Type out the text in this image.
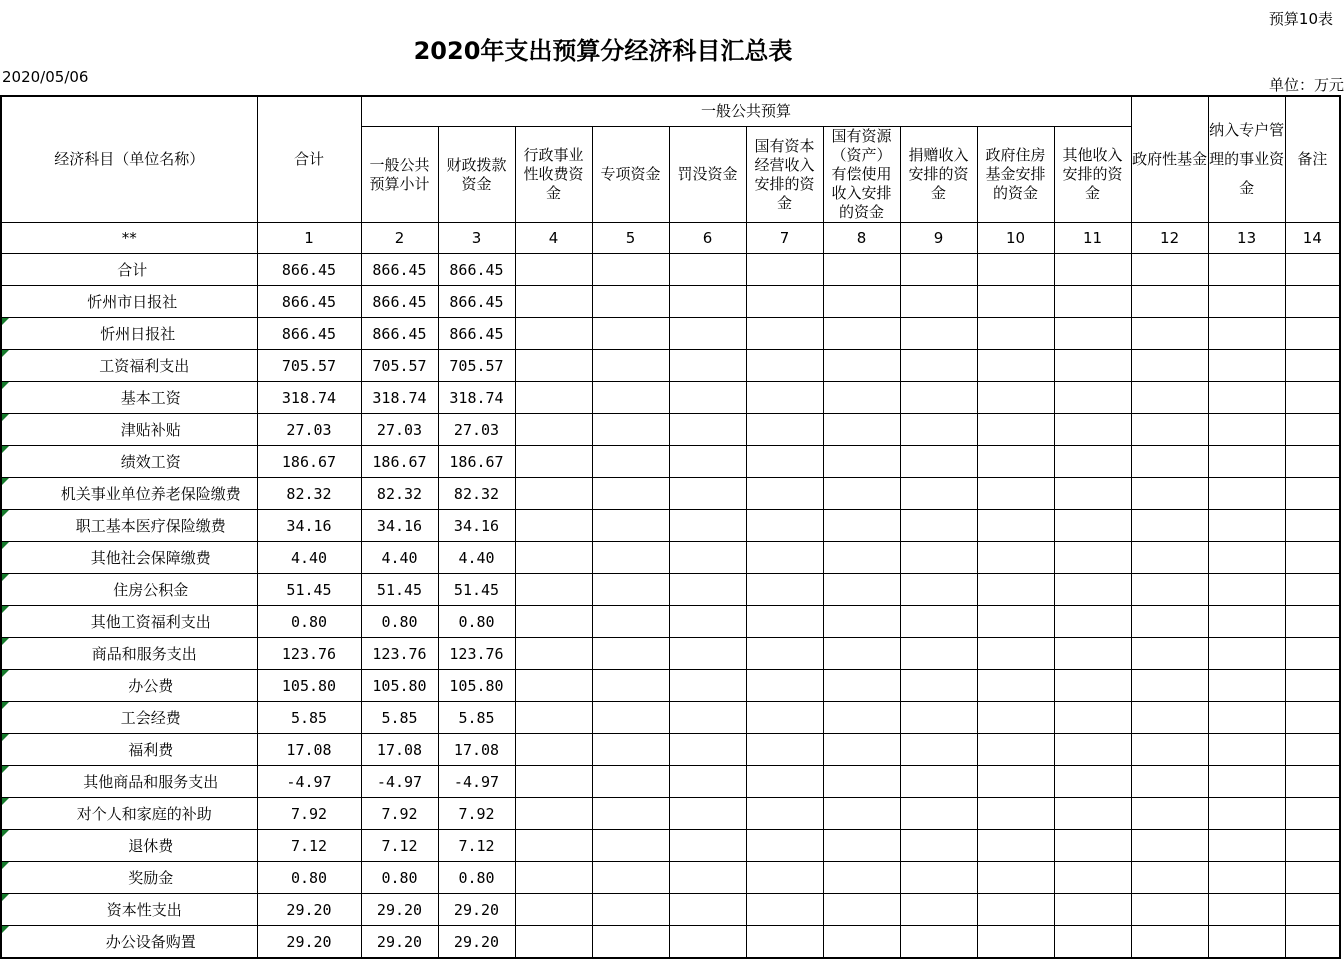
预算10表
2020年支出预算分经济科目汇总表
2020/05/06	单位：万元
经济科目（单位名称）	合计	一般公共预算										政府性基金	纳入专户管理的事业资金	备注
		一般公共预算小计	财政拨款资金	行政事业性收费资金	专项资金	罚没资金	国有资本经营收入安排的资金	国有资源（资产）有偿使用收入安排的资金	捐赠收入安排的资金	政府住房基金安排的资金	其他收入安排的资金			
**	1	2	3	4	5	6	7	8	9	10	11	12	13	14
合计	866.45	866.45	866.45											
忻州市日报社	866.45	866.45	866.45											

忻州日报社	866.45	866.45	866.45											

工资福利支出	705.57	705.57	705.57											

基本工资	318.74	318.74	318.74											

津贴补贴	27.03	27.03	27.03											

绩效工资	186.67	186.67	186.67											

机关事业单位养老保险缴费	82.32	82.32	82.32											

职工基本医疗保险缴费	34.16	34.16	34.16											

其他社会保障缴费	4.40	4.40	4.40											

住房公积金	51.45	51.45	51.45											

其他工资福利支出	0.80	0.80	0.80											

商品和服务支出	123.76	123.76	123.76											

办公费	105.80	105.80	105.80											

工会经费	5.85	5.85	5.85											

福利费	17.08	17.08	17.08											

其他商品和服务支出	-4.97	-4.97	-4.97											

对个人和家庭的补助	7.92	7.92	7.92											

退休费	7.12	7.12	7.12											

奖励金	0.80	0.80	0.80											

资本性支出	29.20	29.20	29.20											

办公设备购置	29.20	29.20	29.20											
